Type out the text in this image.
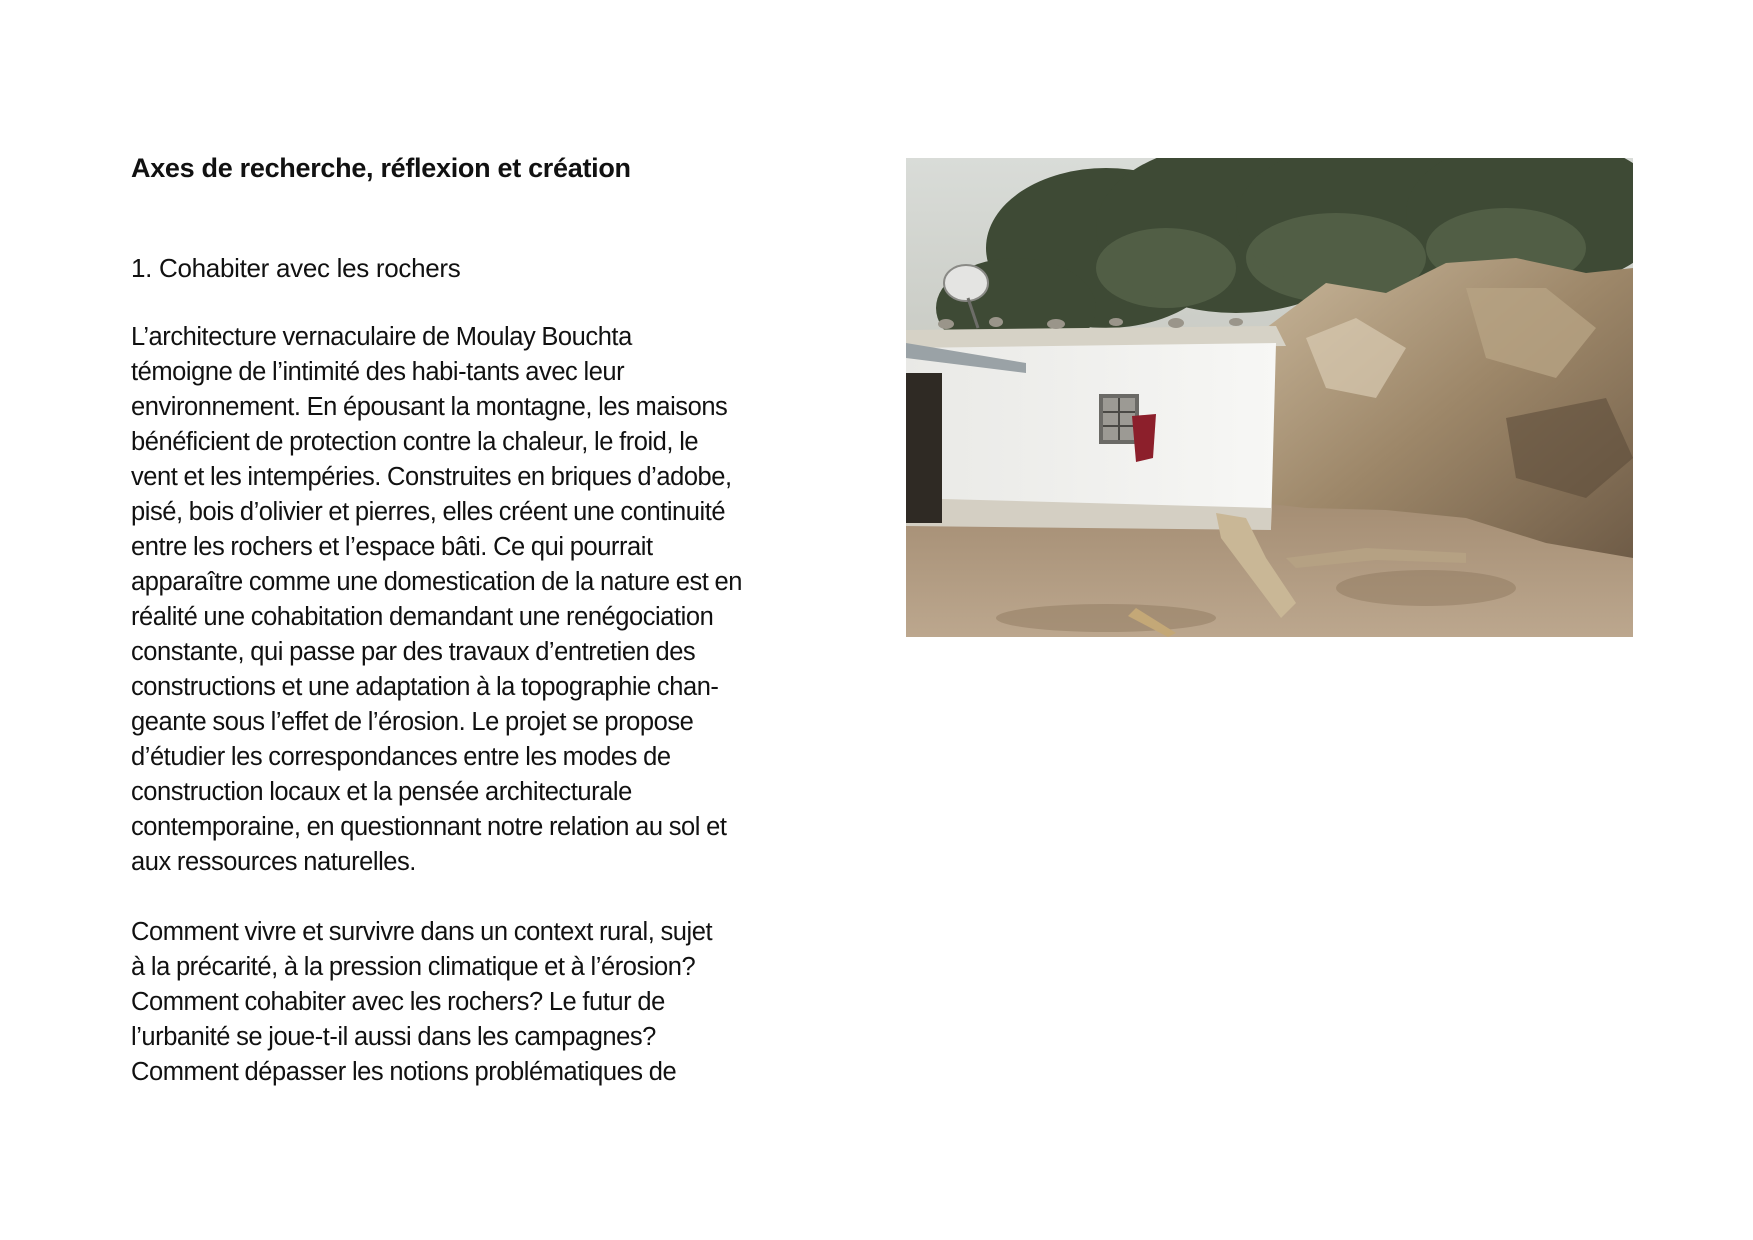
Axes de recherche, réflexion et création

1. Cohabiter avec les rochers

L’architecture vernaculaire de Moulay Bouchta
témoigne de l’intimité des habi-tants avec leur
environnement. En épousant la montagne, les maisons
bénéficient de protection contre la chaleur, le froid, le
vent et les intempéries. Construites en briques d’adobe,
pisé, bois d’olivier et pierres, elles créent une continuité
entre les rochers et l’espace bâti. Ce qui pourrait
apparaître comme une domestication de la nature est en
réalité une cohabitation demandant une renégociation
constante, qui passe par des travaux d’entretien des
constructions et une adaptation à la topographie chan-
geante sous l’effet de l’érosion. Le projet se propose
d’étudier les correspondances entre les modes de
construction locaux et la pensée architecturale
contemporaine, en questionnant notre relation au sol et
aux ressources naturelles.

Comment vivre et survivre dans un context rural, sujet
à la précarité, à la pression climatique et à l’érosion?
Comment cohabiter avec les rochers? Le futur de
l’urbanité se joue-t-il aussi dans les campagnes?
Comment dépasser les notions problématiques de
